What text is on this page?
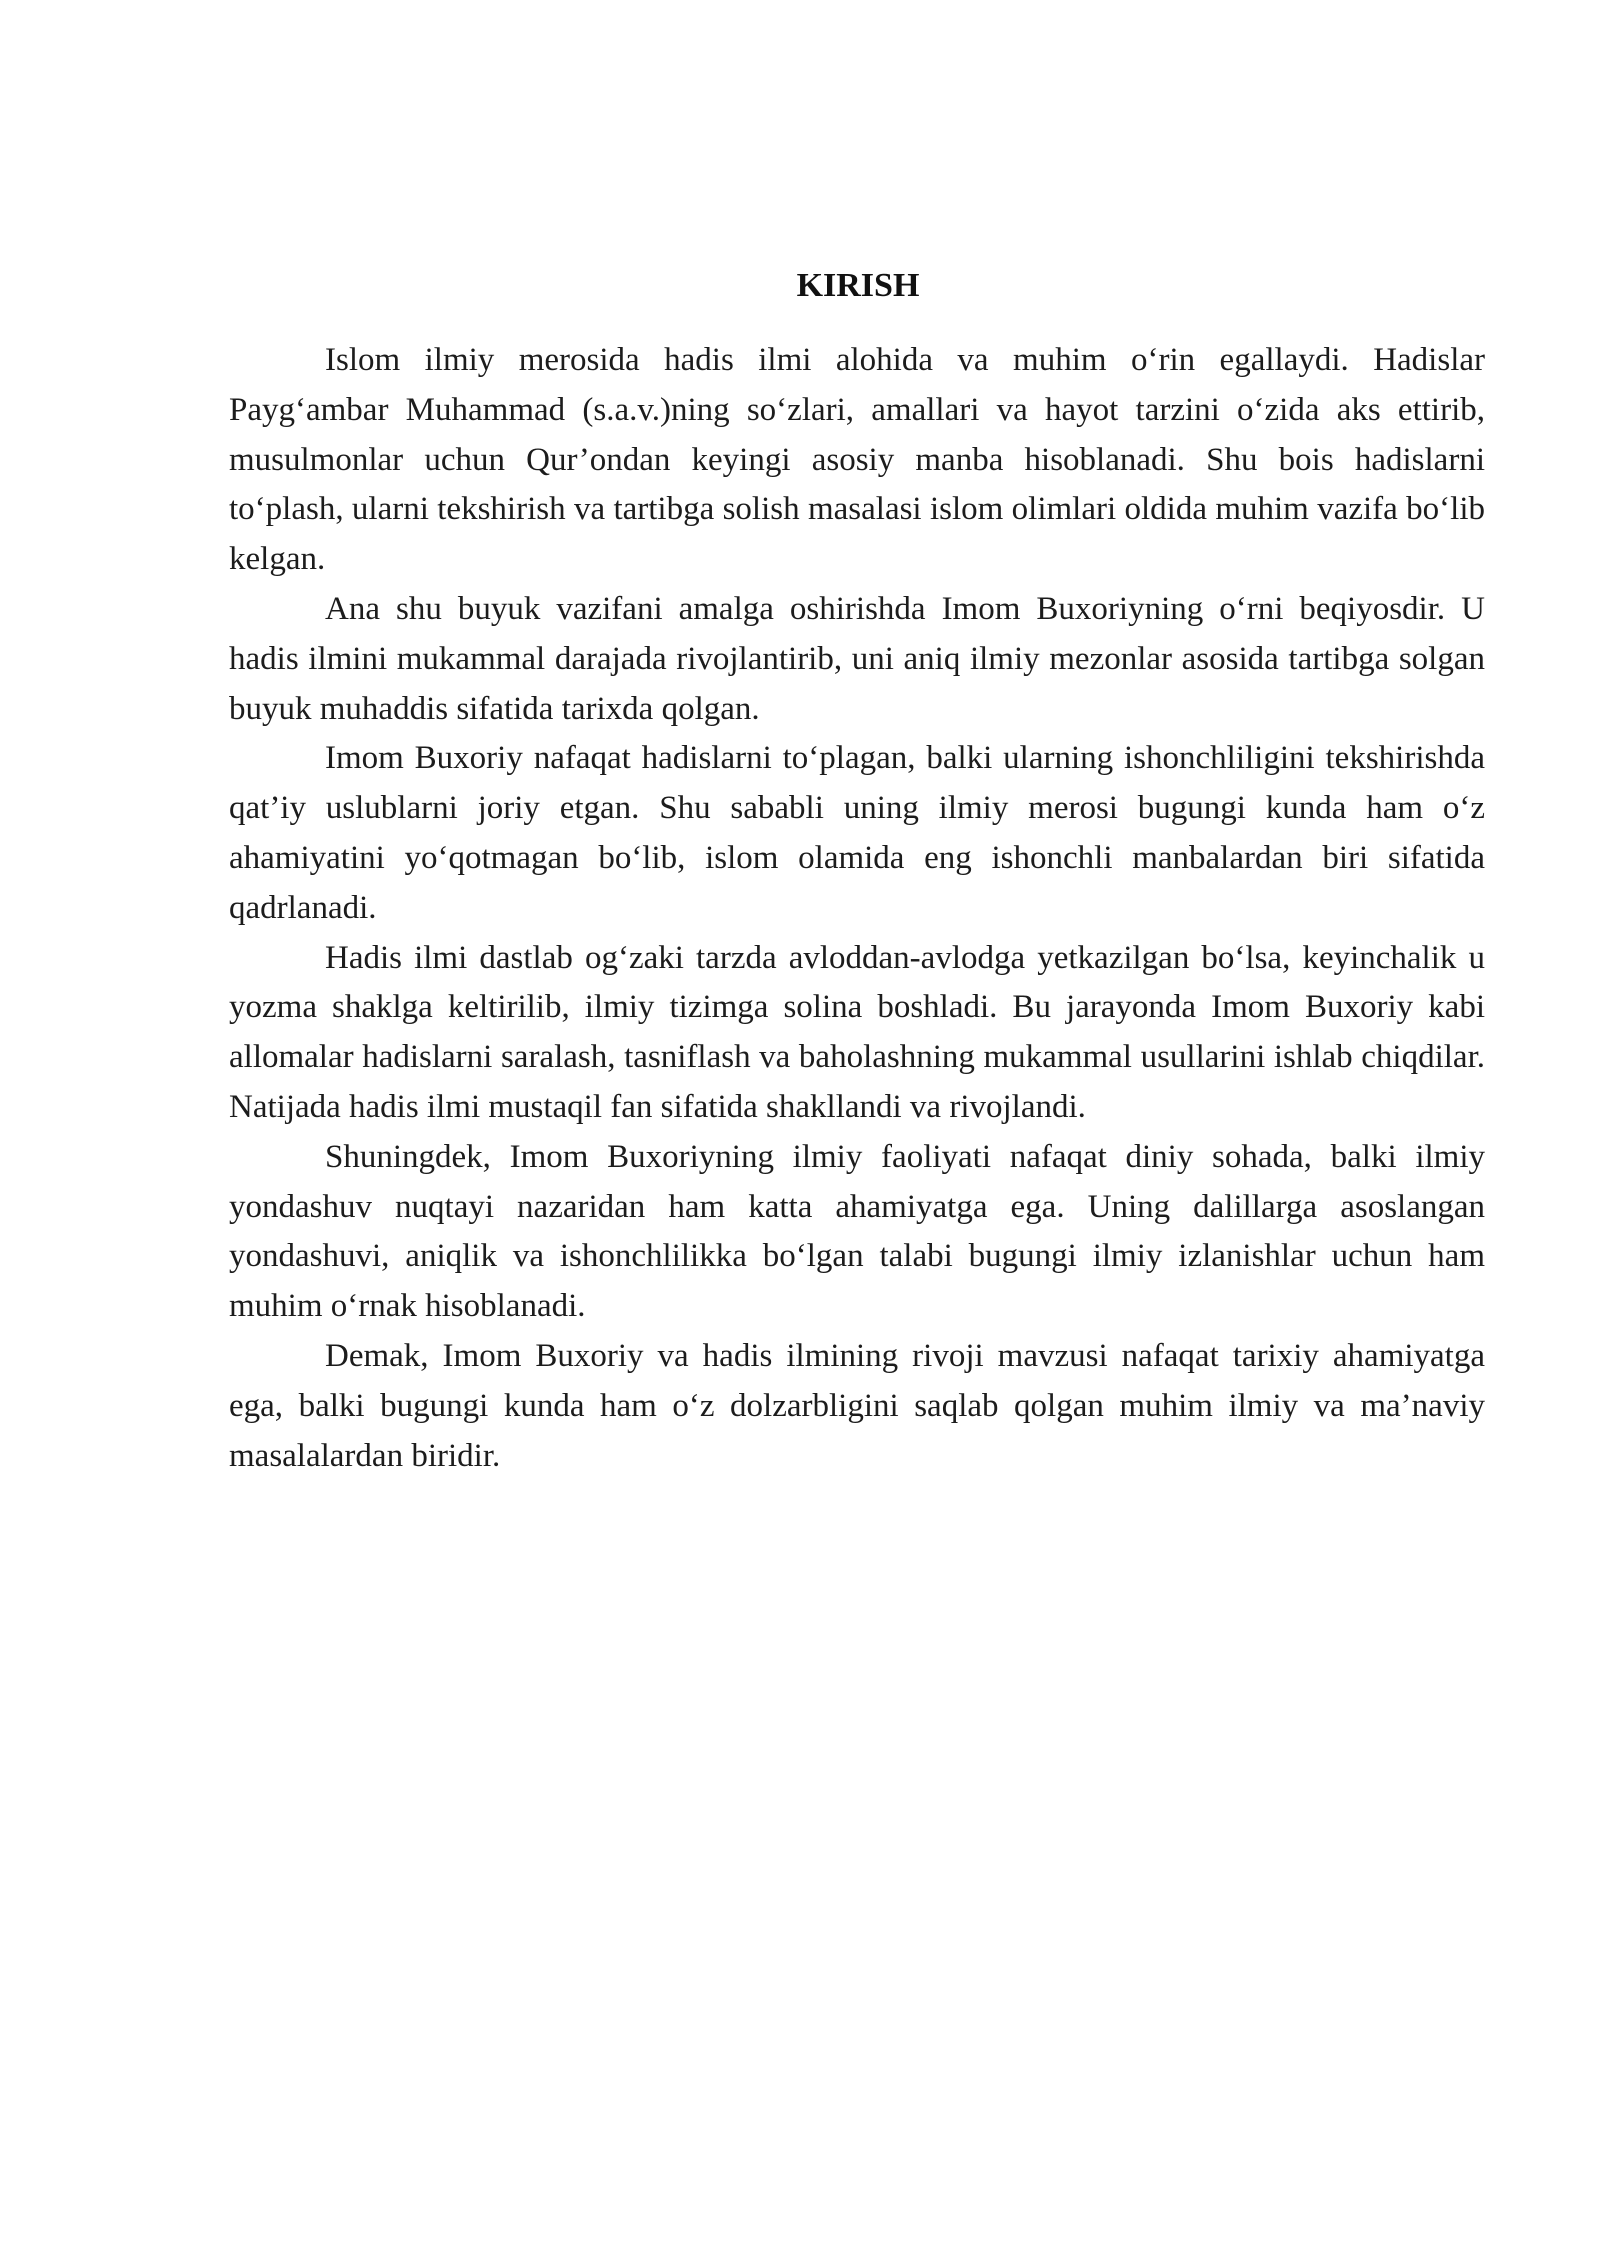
KIRISH

Islom ilmiy merosida hadis ilmi alohida va muhim o‘rin egallaydi. Hadislar Payg‘ambar Muhammad (s.a.v.)ning so‘zlari, amallari va hayot tarzini o‘zida aks ettirib, musulmonlar uchun Qur’ondan keyingi asosiy manba hisoblanadi. Shu bois hadislarni to‘plash, ularni tekshirish va tartibga solish masalasi islom olimlari oldida muhim vazifa bo‘lib kelgan.

Ana shu buyuk vazifani amalga oshirishda Imom Buxoriyning o‘rni beqiyosdir. U hadis ilmini mukammal darajada rivojlantirib, uni aniq ilmiy mezonlar asosida tartibga solgan buyuk muhaddis sifatida tarixda qolgan.

Imom Buxoriy nafaqat hadislarni to‘plagan, balki ularning ishonchliligini tekshirishda qat’iy uslublarni joriy etgan. Shu sababli uning ilmiy merosi bugungi kunda ham o‘z ahamiyatini yo‘qotmagan bo‘lib, islom olamida eng ishonchli manbalardan biri sifatida qadrlanadi.

Hadis ilmi dastlab og‘zaki tarzda avloddan-avlodga yetkazilgan bo‘lsa, keyinchalik u yozma shaklga keltirilib, ilmiy tizimga solina boshladi. Bu jarayonda Imom Buxoriy kabi allomalar hadislarni saralash, tasniflash va baholashning mukammal usullarini ishlab chiqdilar. Natijada hadis ilmi mustaqil fan sifatida shakllandi va rivojlandi.

Shuningdek, Imom Buxoriyning ilmiy faoliyati nafaqat diniy sohada, balki ilmiy yondashuv nuqtayi nazaridan ham katta ahamiyatga ega. Uning dalillarga asoslangan yondashuvi, aniqlik va ishonchlilikka bo‘lgan talabi bugungi ilmiy izlanishlar uchun ham muhim o‘rnak hisoblanadi.

Demak, Imom Buxoriy va hadis ilmining rivoji mavzusi nafaqat tarixiy ahamiyatga ega, balki bugungi kunda ham o‘z dolzarbligini saqlab qolgan muhim ilmiy va ma’naviy masalalardan biridir.
